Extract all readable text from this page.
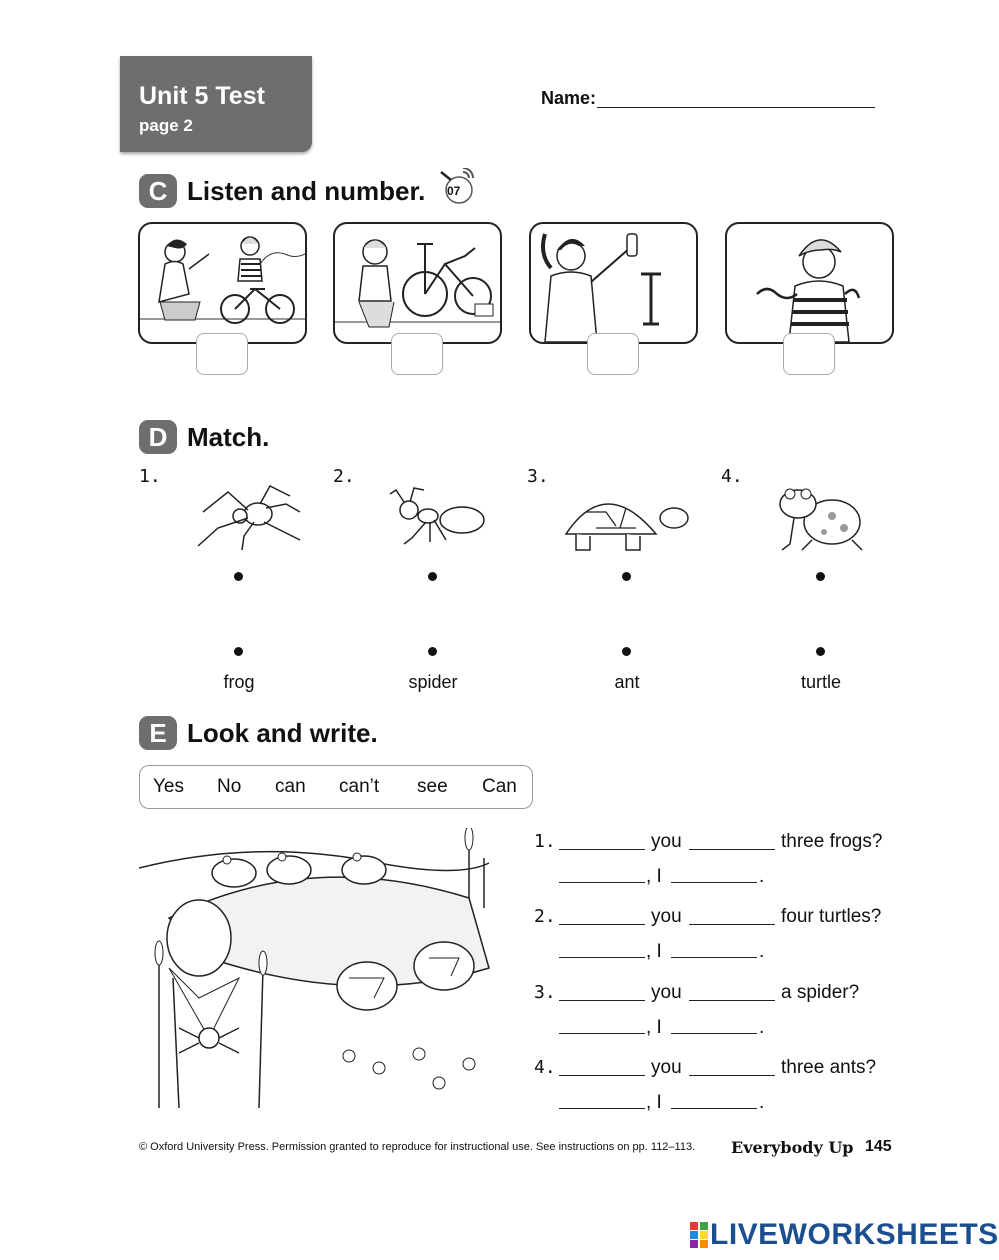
Unit 5 Test
page 2
Name:
C Listen and number. 07
D Match.
1.	2.	3.	4.
frog	spider	ant	turtle
E Look and write.
Yes No can can’t see Can
1.	you	three frogs?
, I	.
2.	you	four turtles?
, I	.
3.	you	a spider?
, I	.
4.	you	three ants?
, I	.
© Oxford University Press. Permission granted to reproduce for instructional use. See instructions on pp. 112–113. Everybody Up 145
LIVEWORKSHEETS
